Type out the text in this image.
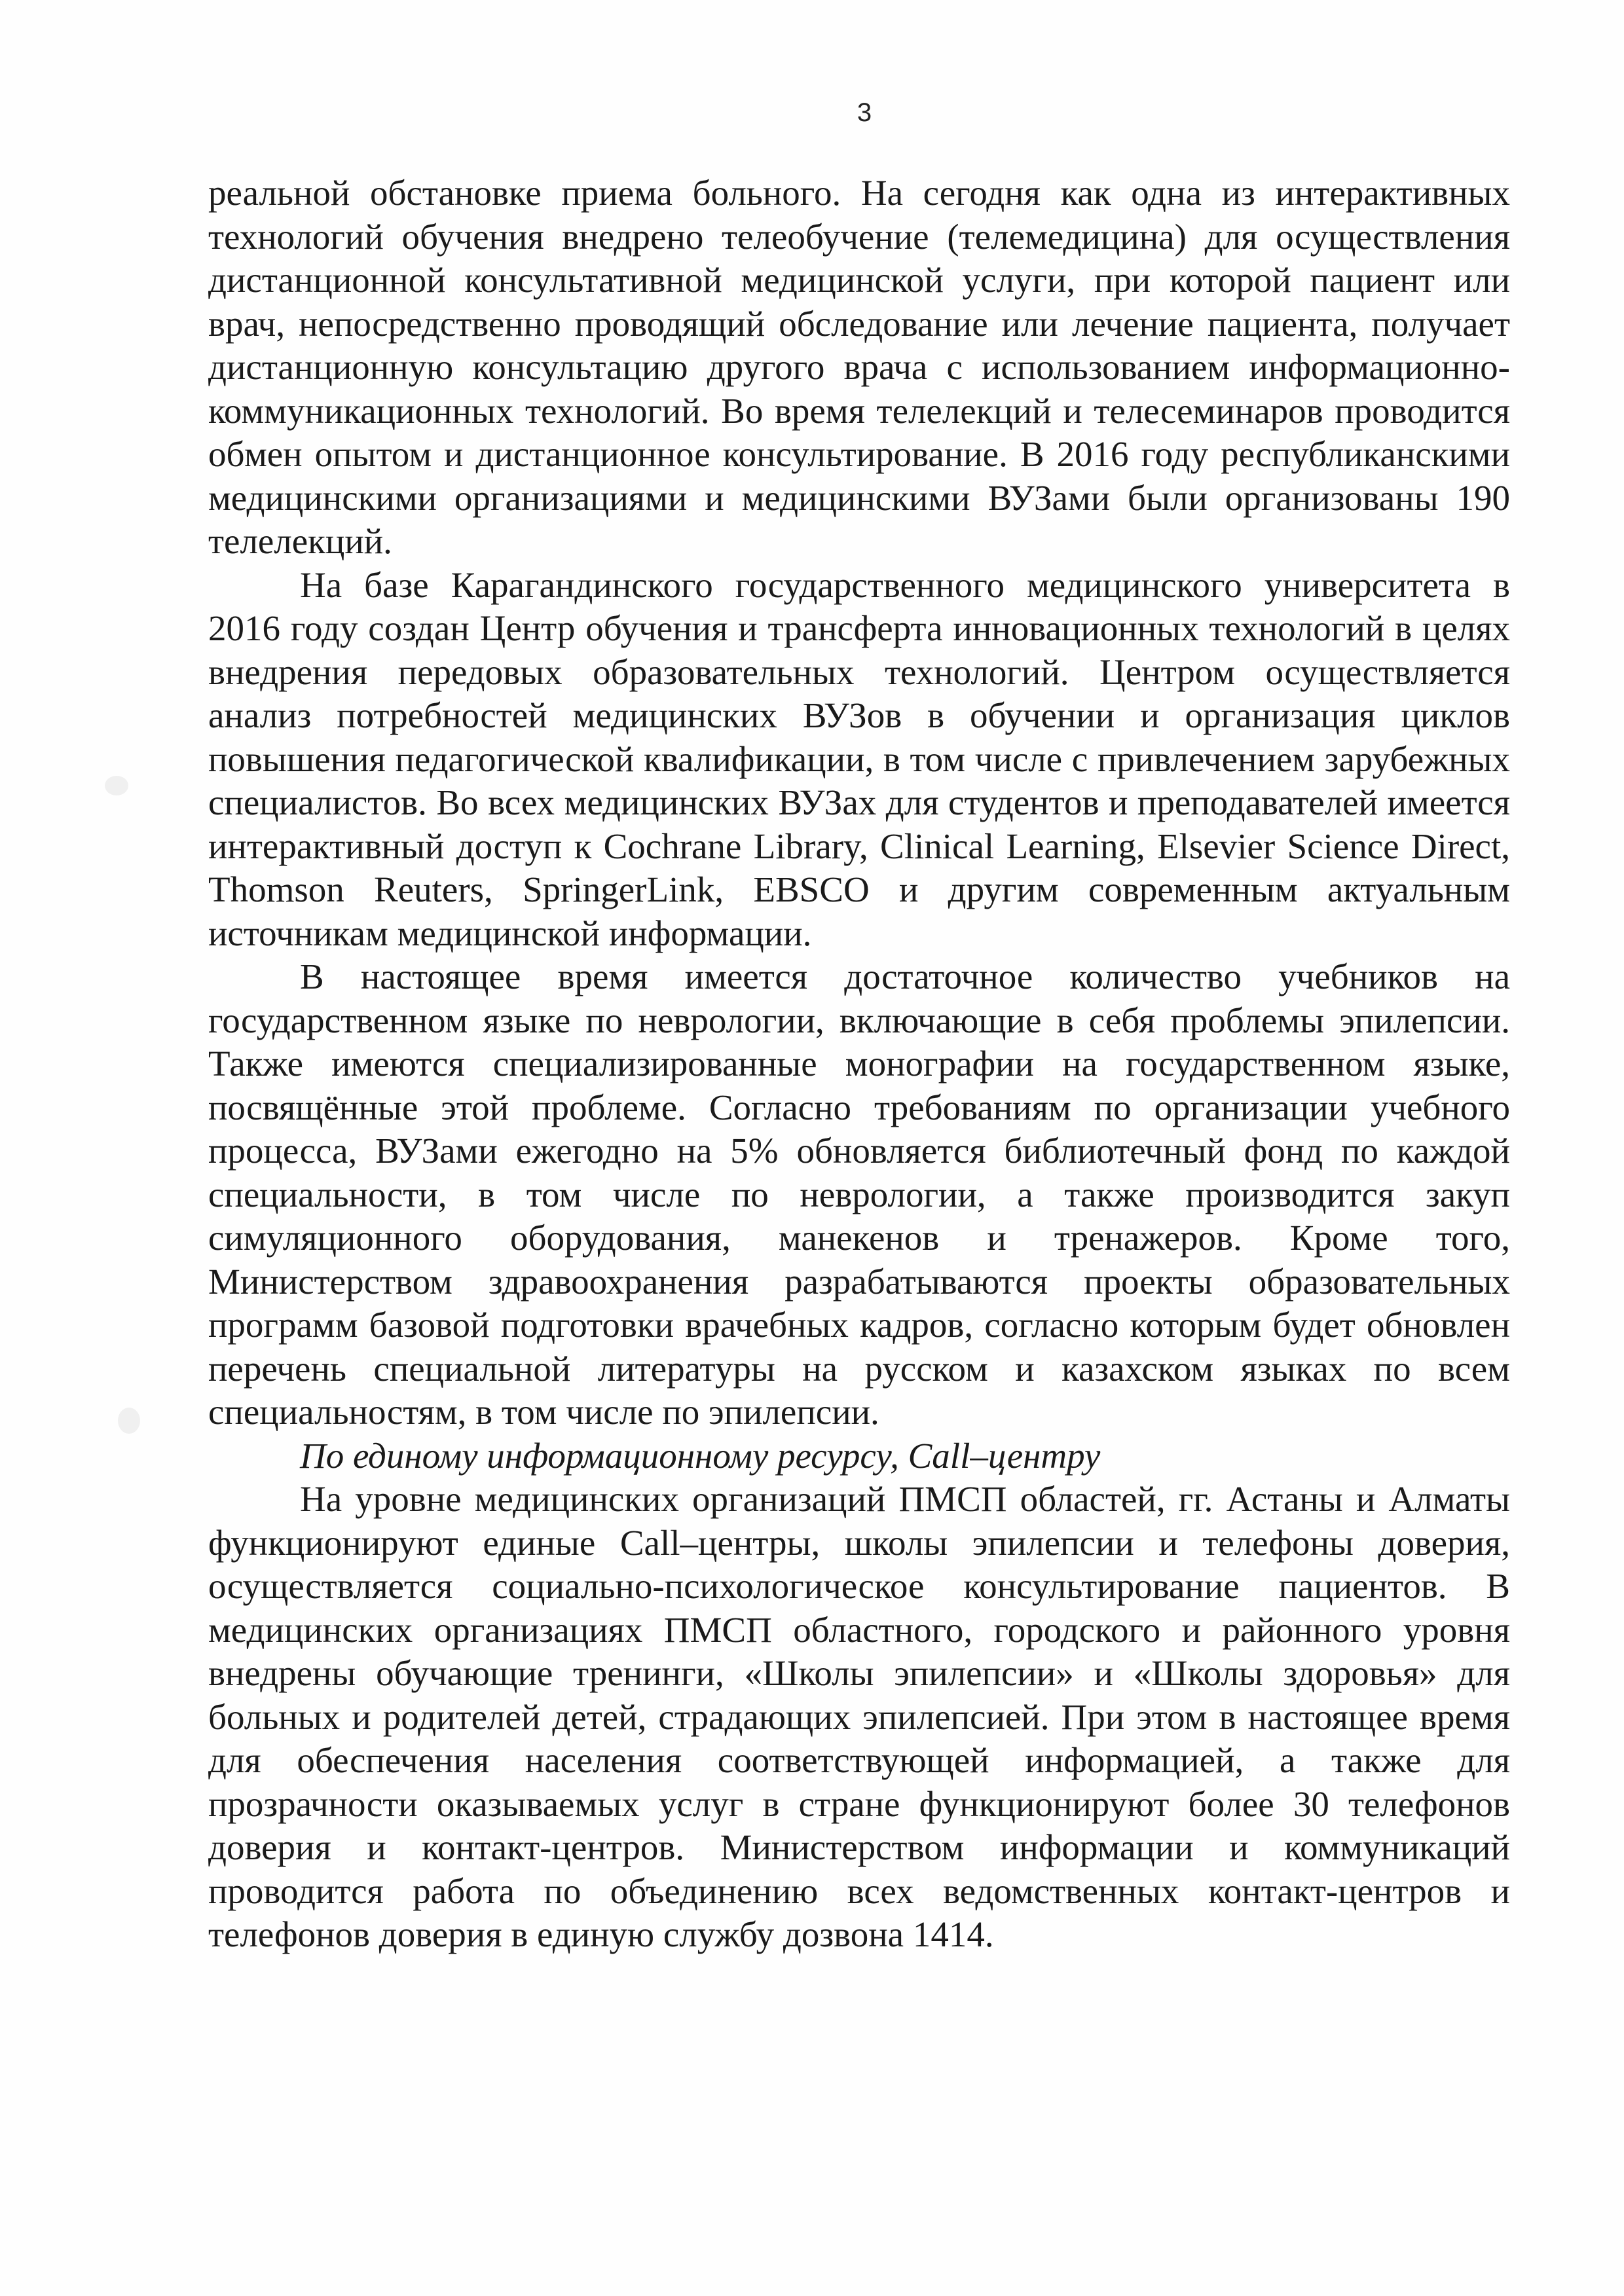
3

реальной обстановке приема больного. На сегодня как одна из интерактивных технологий обучения внедрено телеобучение (телемедицина) для осуществления дистанционной консультативной медицинской услуги, при которой пациент или врач, непосредственно проводящий обследование или лечение пациента, получает дистанционную консультацию другого врача с использованием информационно-коммуникационных технологий. Во время телелекций и телесеминаров проводится обмен опытом и дистанционное консультирование. В 2016 году республиканскими медицинскими организациями и медицинскими ВУЗами были организованы 190 телелекций.

На базе Карагандинского государственного медицинского университета в 2016 году создан Центр обучения и трансферта инновационных технологий в целях внедрения передовых образовательных технологий. Центром осуществляется анализ потребностей медицинских ВУЗов в обучении и организация циклов повышения педагогической квалификации, в том числе с привлечением зарубежных специалистов. Во всех медицинских ВУЗах для студентов и преподавателей имеется интерактивный доступ к Cochrane Library, Clinical Learning, Elsevier Science Direct, Thomson Reuters, SpringerLink, EBSCO и другим современным актуальным источникам медицинской информации.

В настоящее время имеется достаточное количество учебников на государственном языке по неврологии, включающие в себя проблемы эпилепсии. Также имеются специализированные монографии на государственном языке, посвящённые этой проблеме. Согласно требованиям по организации учебного процесса, ВУЗами ежегодно на 5% обновляется библиотечный фонд по каждой специальности, в том числе по неврологии, а также производится закуп симуляционного оборудования, манекенов и тренажеров. Кроме того, Министерством здравоохранения разрабатываются проекты образовательных программ базовой подготовки врачебных кадров, согласно которым будет обновлен перечень специальной литературы на русском и казахском языках по всем специальностям, в том числе по эпилепсии.

По единому информационному ресурсу, Call–центру

На уровне медицинских организаций ПМСП областей, гг. Астаны и Алматы функционируют единые Call–центры, школы эпилепсии и телефоны доверия, осуществляется социально-психологическое консультирование пациентов. В медицинских организациях ПМСП областного, городского и районного уровня внедрены обучающие тренинги, «Школы эпилепсии» и «Школы здоровья» для больных и родителей детей, страдающих эпилепсией. При этом в настоящее время для обеспечения населения соответствующей информацией, а также для прозрачности оказываемых услуг в стране функционируют более 30 телефонов доверия и контакт-центров. Министерством информации и коммуникаций проводится работа по объединению всех ведомственных контакт-центров и телефонов доверия в единую службу дозвона 1414.
